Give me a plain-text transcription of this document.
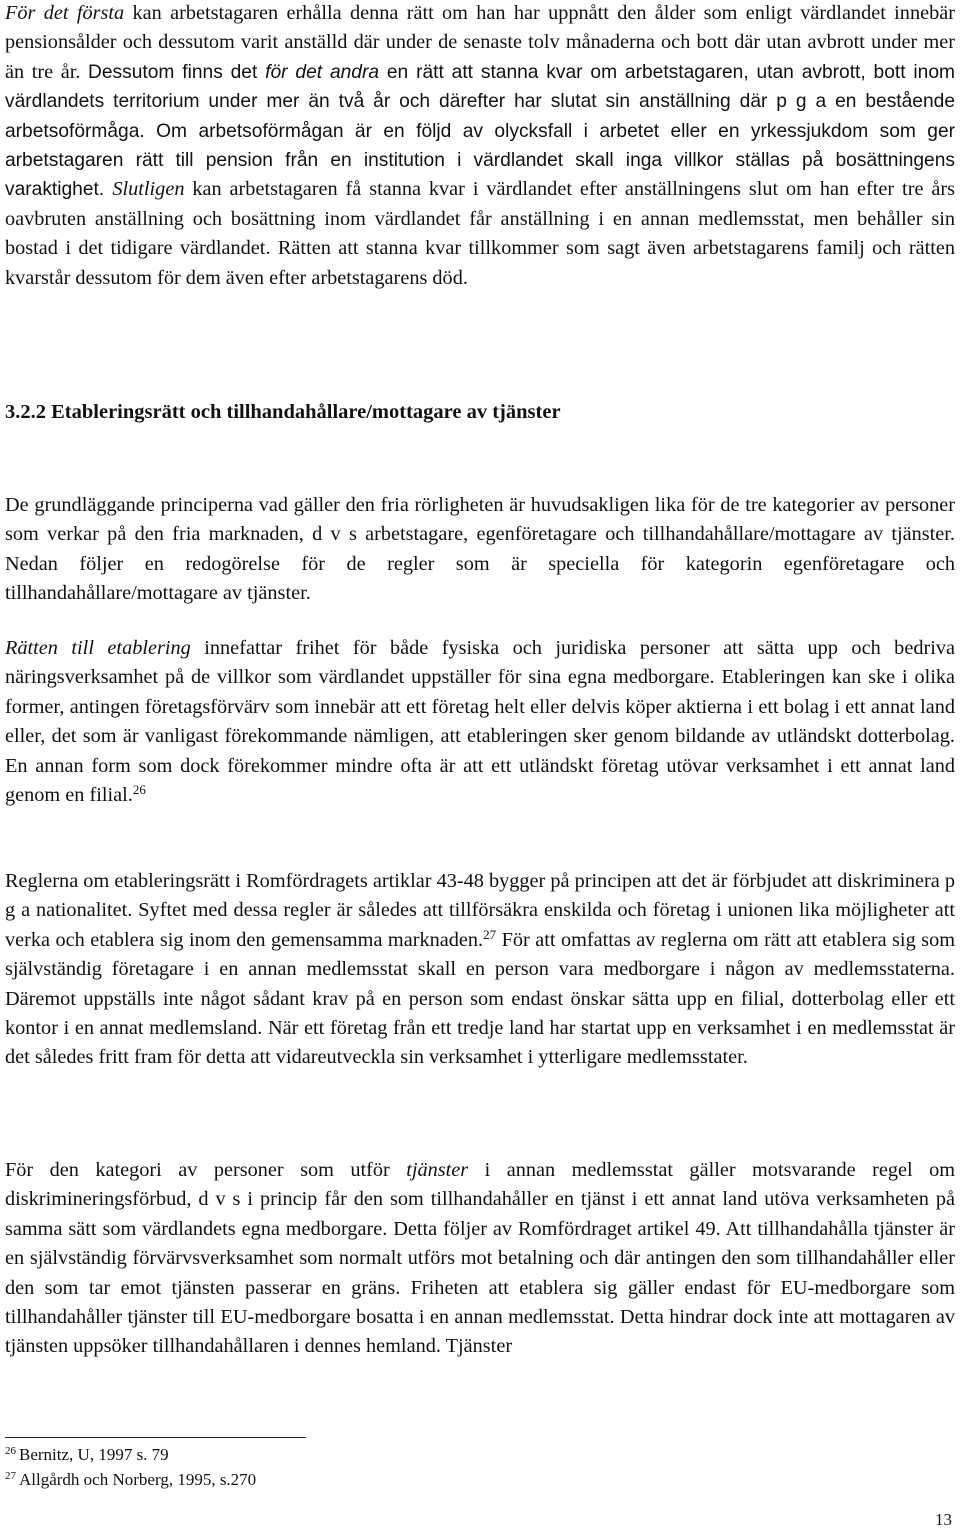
För det första kan arbetstagaren erhålla denna rätt om han har uppnått den ålder som enligt värdlandet innebär pensionsålder och dessutom varit anställd där under de senaste tolv månaderna och bott där utan avbrott under mer än tre år. Dessutom finns det för det andra en rätt att stanna kvar om arbetstagaren, utan avbrott, bott inom värdlandets territorium under mer än två år och därefter har slutat sin anställning där p g a en bestående arbetsoförmåga. Om arbetsoförmågan är en följd av olycksfall i arbetet eller en yrkessjukdom som ger arbetstagaren rätt till pension från en institution i värdlandet skall inga villkor ställas på bosättningens varaktighet. Slutligen kan arbetstagaren få stanna kvar i värdlandet efter anställningens slut om han efter tre års oavbruten anställning och bosättning inom värdlandet får anställning i en annan medlemsstat, men behåller sin bostad i det tidigare värdlandet. Rätten att stanna kvar tillkommer som sagt även arbetstagarens familj och rätten kvarstår dessutom för dem även efter arbetstagarens död.

3.2.2 Etableringsrätt och tillhandahållare/mottagare av tjänster

De grundläggande principerna vad gäller den fria rörligheten är huvudsakligen lika för de tre kategorier av personer som verkar på den fria marknaden, d v s arbetstagare, egenföretagare och tillhandahållare/mottagare av tjänster. Nedan följer en redogörelse för de regler som är speciella för kategorin egenföretagare och tillhandahållare/mottagare av tjänster.

Rätten till etablering innefattar frihet för både fysiska och juridiska personer att sätta upp och bedriva näringsverksamhet på de villkor som värdlandet uppställer för sina egna medborgare. Etableringen kan ske i olika former, antingen företagsförvärv som innebär att ett företag helt eller delvis köper aktierna i ett bolag i ett annat land eller, det som är vanligast förekommande nämligen, att etableringen sker genom bildande av utländskt dotterbolag. En annan form som dock förekommer mindre ofta är att ett utländskt företag utövar verksamhet i ett annat land genom en filial.$^{26}$

Reglerna om etableringsrätt i Romfördragets artiklar 43-48 bygger på principen att det är förbjudet att diskriminera p g a nationalitet. Syftet med dessa regler är således att tillförsäkra enskilda och företag i unionen lika möjligheter att verka och etablera sig inom den gemensamma marknaden.$^{27}$ För att omfattas av reglerna om rätt att etablera sig som självständig företagare i en annan medlemsstat skall en person vara medborgare i någon av medlemsstaterna. Däremot uppställs inte något sådant krav på en person som endast önskar sätta upp en filial, dotterbolag eller ett kontor i en annat medlemsland. När ett företag från ett tredje land har startat upp en verksamhet i en medlemsstat är det således fritt fram för detta att vidareutveckla sin verksamhet i ytterligare medlemsstater.

För den kategori av personer som utför tjänster i annan medlemsstat gäller motsvarande regel om diskrimineringsförbud, d v s i princip får den som tillhandahåller en tjänst i ett annat land utöva verksamheten på samma sätt som värdlandets egna medborgare. Detta följer av Romfördraget artikel 49. Att tillhandahålla tjänster är en självständig förvärvsverksamhet som normalt utförs mot betalning och där antingen den som tillhandahåller eller den som tar emot tjänsten passerar en gräns. Friheten att etablera sig gäller endast för EU-medborgare som tillhandahåller tjänster till EU-medborgare bosatta i en annan medlemsstat. Detta hindrar dock inte att mottagaren av tjänsten uppsöker tillhandahållaren i dennes hemland. Tjänster

$^{26}$ Bernitz, U, 1997 s. 79
$^{27}$ Allgårdh och Norberg, 1995, s.270
13
